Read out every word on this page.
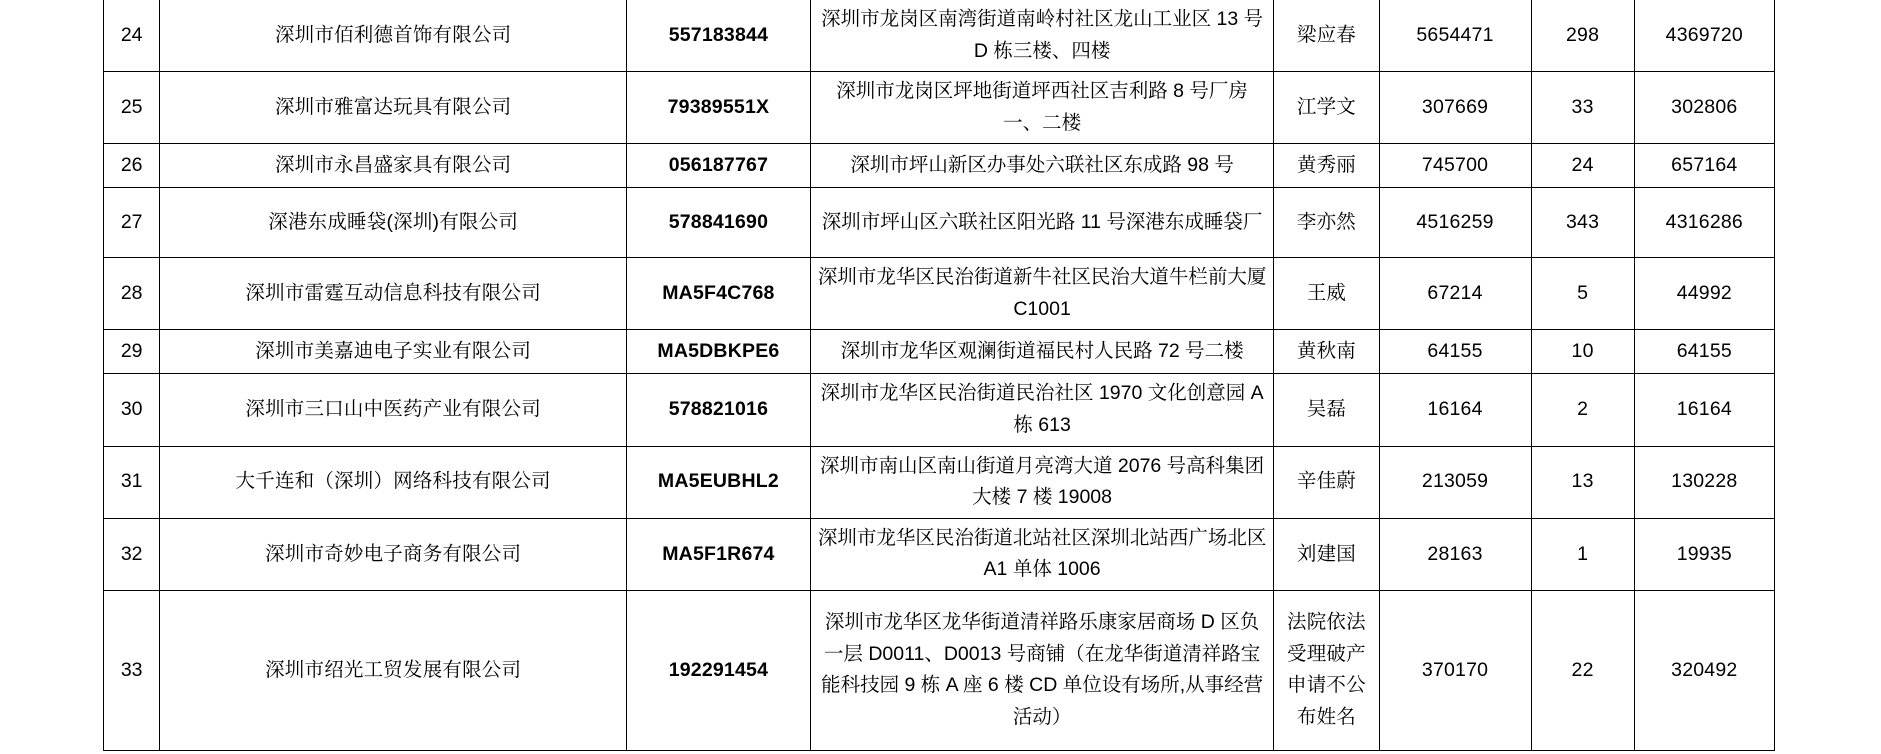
24	深圳市佰利德首饰有限公司	557183844	深圳市龙岗区南湾街道南岭村社区龙山工业区 13 号 D 栋三楼、四楼	梁应春	5654471	298	4369720
25	深圳市雅富达玩具有限公司	79389551X	深圳市龙岗区坪地街道坪西社区吉利路 8 号厂房一、二楼	江学文	307669	33	302806
26	深圳市永昌盛家具有限公司	056187767	深圳市坪山新区办事处六联社区东成路 98 号	黄秀丽	745700	24	657164
27	深港东成睡袋(深圳)有限公司	578841690	深圳市坪山区六联社区阳光路 11 号深港东成睡袋厂	李亦然	4516259	343	4316286
28	深圳市雷霆互动信息科技有限公司	MA5F4C768	深圳市龙华区民治街道新牛社区民治大道牛栏前大厦 C1001	王威	67214	5	44992
29	深圳市美嘉迪电子实业有限公司	MA5DBKPE6	深圳市龙华区观澜街道福民村人民路 72 号二楼	黄秋南	64155	10	64155
30	深圳市三口山中医药产业有限公司	578821016	深圳市龙华区民治街道民治社区 1970 文化创意园 A 栋 613	吴磊	16164	2	16164
31	大千连和（深圳）网络科技有限公司	MA5EUBHL2	深圳市南山区南山街道月亮湾大道 2076 号高科集团大楼 7 楼 19008	辛佳蔚	213059	13	130228
32	深圳市奇妙电子商务有限公司	MA5F1R674	深圳市龙华区民治街道北站社区深圳北站西广场北区 A1 单体 1006	刘建国	28163	1	19935
33	深圳市绍光工贸发展有限公司	192291454	深圳市龙华区龙华街道清祥路乐康家居商场 D 区负一层 D0011、D0013 号商铺（在龙华街道清祥路宝能科技园 9 栋 A 座 6 楼 CD 单位设有场所,从事经营活动）	法院依法受理破产申请不公布姓名	370170	22	320492
